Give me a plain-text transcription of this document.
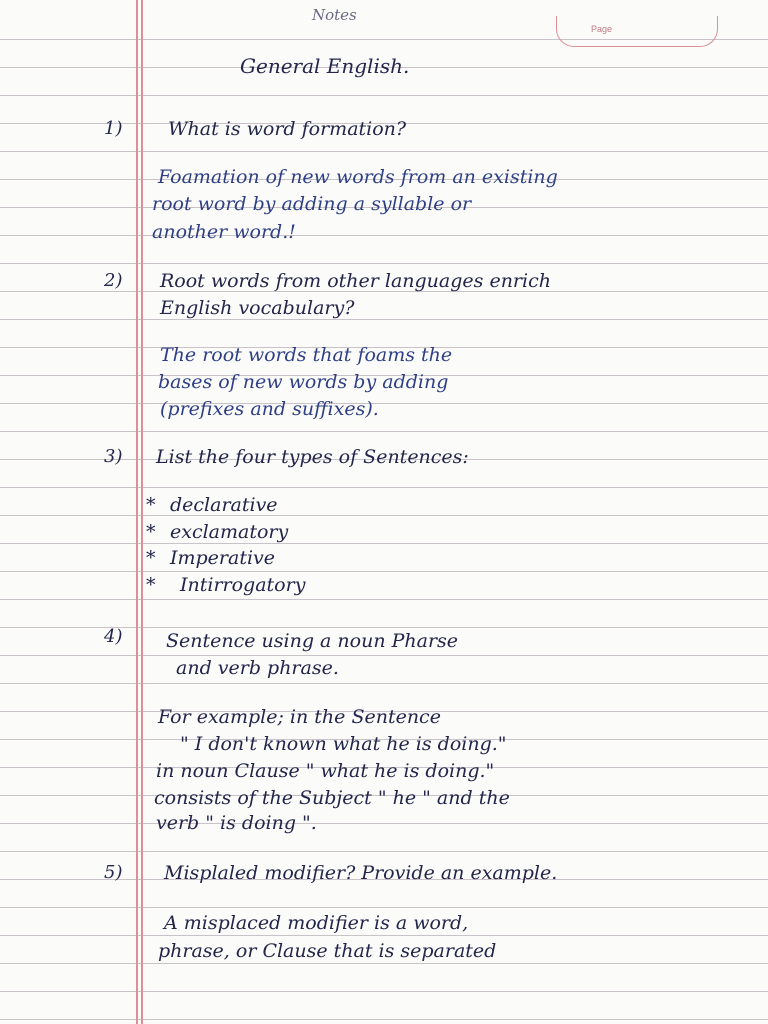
Page
Notes
General English.
1) What is word formation?
Foamation of new words from an existing
root word by adding a syllable or
another word.!
2) Root words from other languages enrich
English vocabulary?
The root words that foams the
bases of new words by adding
(prefixes and suffixes).
3) List the four types of Sentences:
* declarative
* exclamatory
* Imperative
* Intirrogatory
4) Sentence using a noun Pharse
and verb phrase.
For example; in the Sentence
" I don't known what he is doing."
in noun Clause " what he is doing."
consists of the Subject " he " and the
verb " is doing ".
5) Misplaled modifier? Provide an example.
A misplaced modifier is a word,
phrase, or Clause that is separated
